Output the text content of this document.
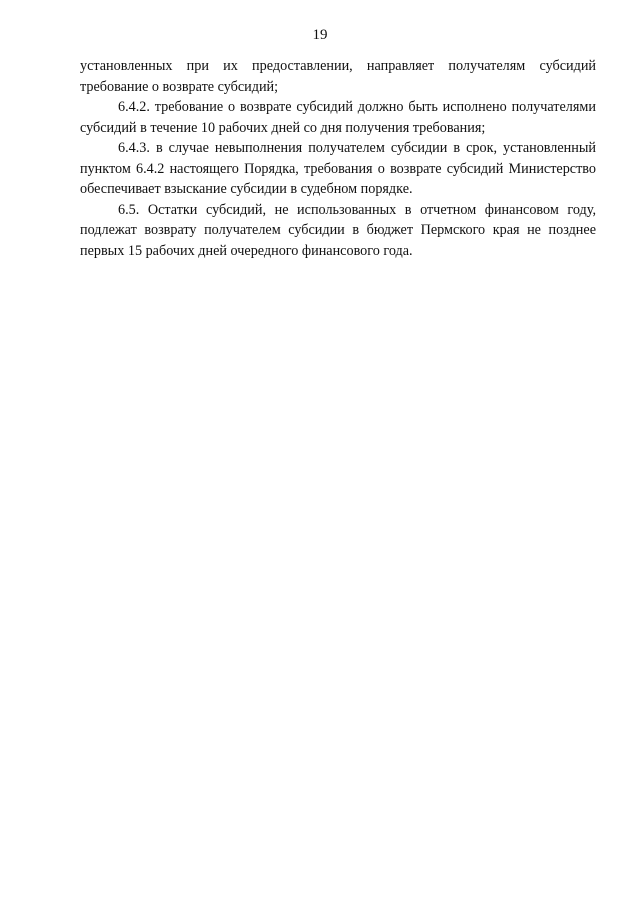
19

установленных при их предоставлении, направляет получателям субсидий требование о возврате субсидий;

6.4.2. требование о возврате субсидий должно быть исполнено получателями субсидий в течение 10 рабочих дней со дня получения требования;

6.4.3. в случае невыполнения получателем субсидии в срок, установленный пунктом 6.4.2 настоящего Порядка, требования о возврате субсидий Министерство обеспечивает взыскание субсидии в судебном порядке.

6.5. Остатки субсидий, не использованных в отчетном финансовом году, подлежат возврату получателем субсидии в бюджет Пермского края не позднее первых 15 рабочих дней очередного финансового года.
